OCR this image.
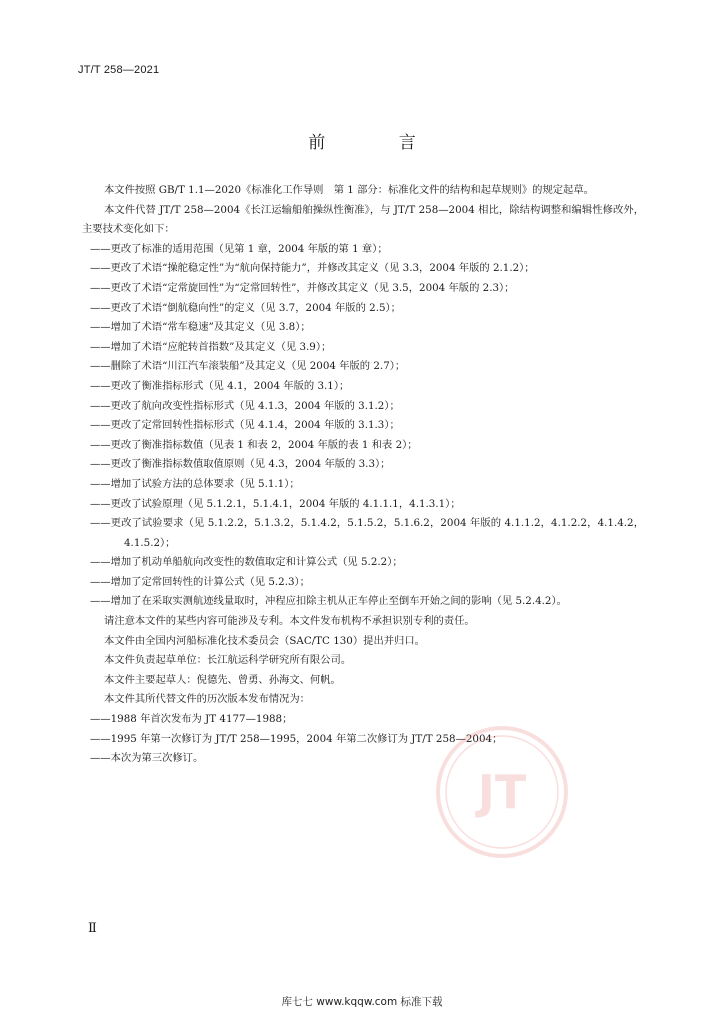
JT/T 258—2021
前 言

本文件按照 GB/T 1.1—2020《标准化工作导则　第 1 部分：标准化文件的结构和起草规则》的规定起草。

本文件代替 JT/T 258—2004《长江运输船舶操纵性衡准》，与 JT/T 258—2004 相比，除结构调整和编辑性修改外，主要技术变化如下：

——更改了标准的适用范围（见第 1 章，2004 年版的第 1 章）；

——更改了术语“操舵稳定性”为“航向保持能力”，并修改其定义（见 3.3，2004 年版的 2.1.2）；

——更改了术语“定常旋回性”为“定常回转性”，并修改其定义（见 3.5，2004 年版的 2.3）；

——更改了术语“倒航稳向性”的定义（见 3.7，2004 年版的 2.5）；

——增加了术语“常车稳速”及其定义（见 3.8）；

——增加了术语“应舵转首指数”及其定义（见 3.9）；

——删除了术语“川江汽车滚装船”及其定义（见 2004 年版的 2.7）；

——更改了衡准指标形式（见 4.1，2004 年版的 3.1）；

——更改了航向改变性指标形式（见 4.1.3，2004 年版的 3.1.2）；

——更改了定常回转性指标形式（见 4.1.4，2004 年版的 3.1.3）；

——更改了衡准指标数值（见表 1 和表 2，2004 年版的表 1 和表 2）；

——更改了衡准指标数值取值原则（见 4.3，2004 年版的 3.3）；

——增加了试验方法的总体要求（见 5.1.1）；

——更改了试验原理（见 5.1.2.1，5.1.4.1，2004 年版的 4.1.1.1，4.1.3.1）；

——更改了试验要求（见 5.1.2.2，5.1.3.2，5.1.4.2，5.1.5.2，5.1.6.2，2004 年版的 4.1.1.2，4.1.2.2，4.1.4.2，4.1.5.2）；

——增加了机动单船航向改变性的数值取定和计算公式（见 5.2.2）；

——增加了定常回转性的计算公式（见 5.2.3）；

——增加了在采取实测航迹线量取时，冲程应扣除主机从正车停止至倒车开始之间的影响（见 5.2.4.2）。

请注意本文件的某些内容可能涉及专利。本文件发布机构不承担识别专利的责任。

本文件由全国内河船标准化技术委员会（SAC/TC 130）提出并归口。

本文件负责起草单位：长江航运科学研究所有限公司。

本文件主要起草人：倪德先、曾勇、孙海文、何帆。

本文件其所代替文件的历次版本发布情况为：

——1988 年首次发布为 JT 4177—1988；

——1995 年第一次修订为 JT/T 258—1995，2004 年第二次修订为 JT/T 258—2004；

——本次为第三次修订。

JT
Ⅱ
库七七 www.kqqw.com 标准下载
